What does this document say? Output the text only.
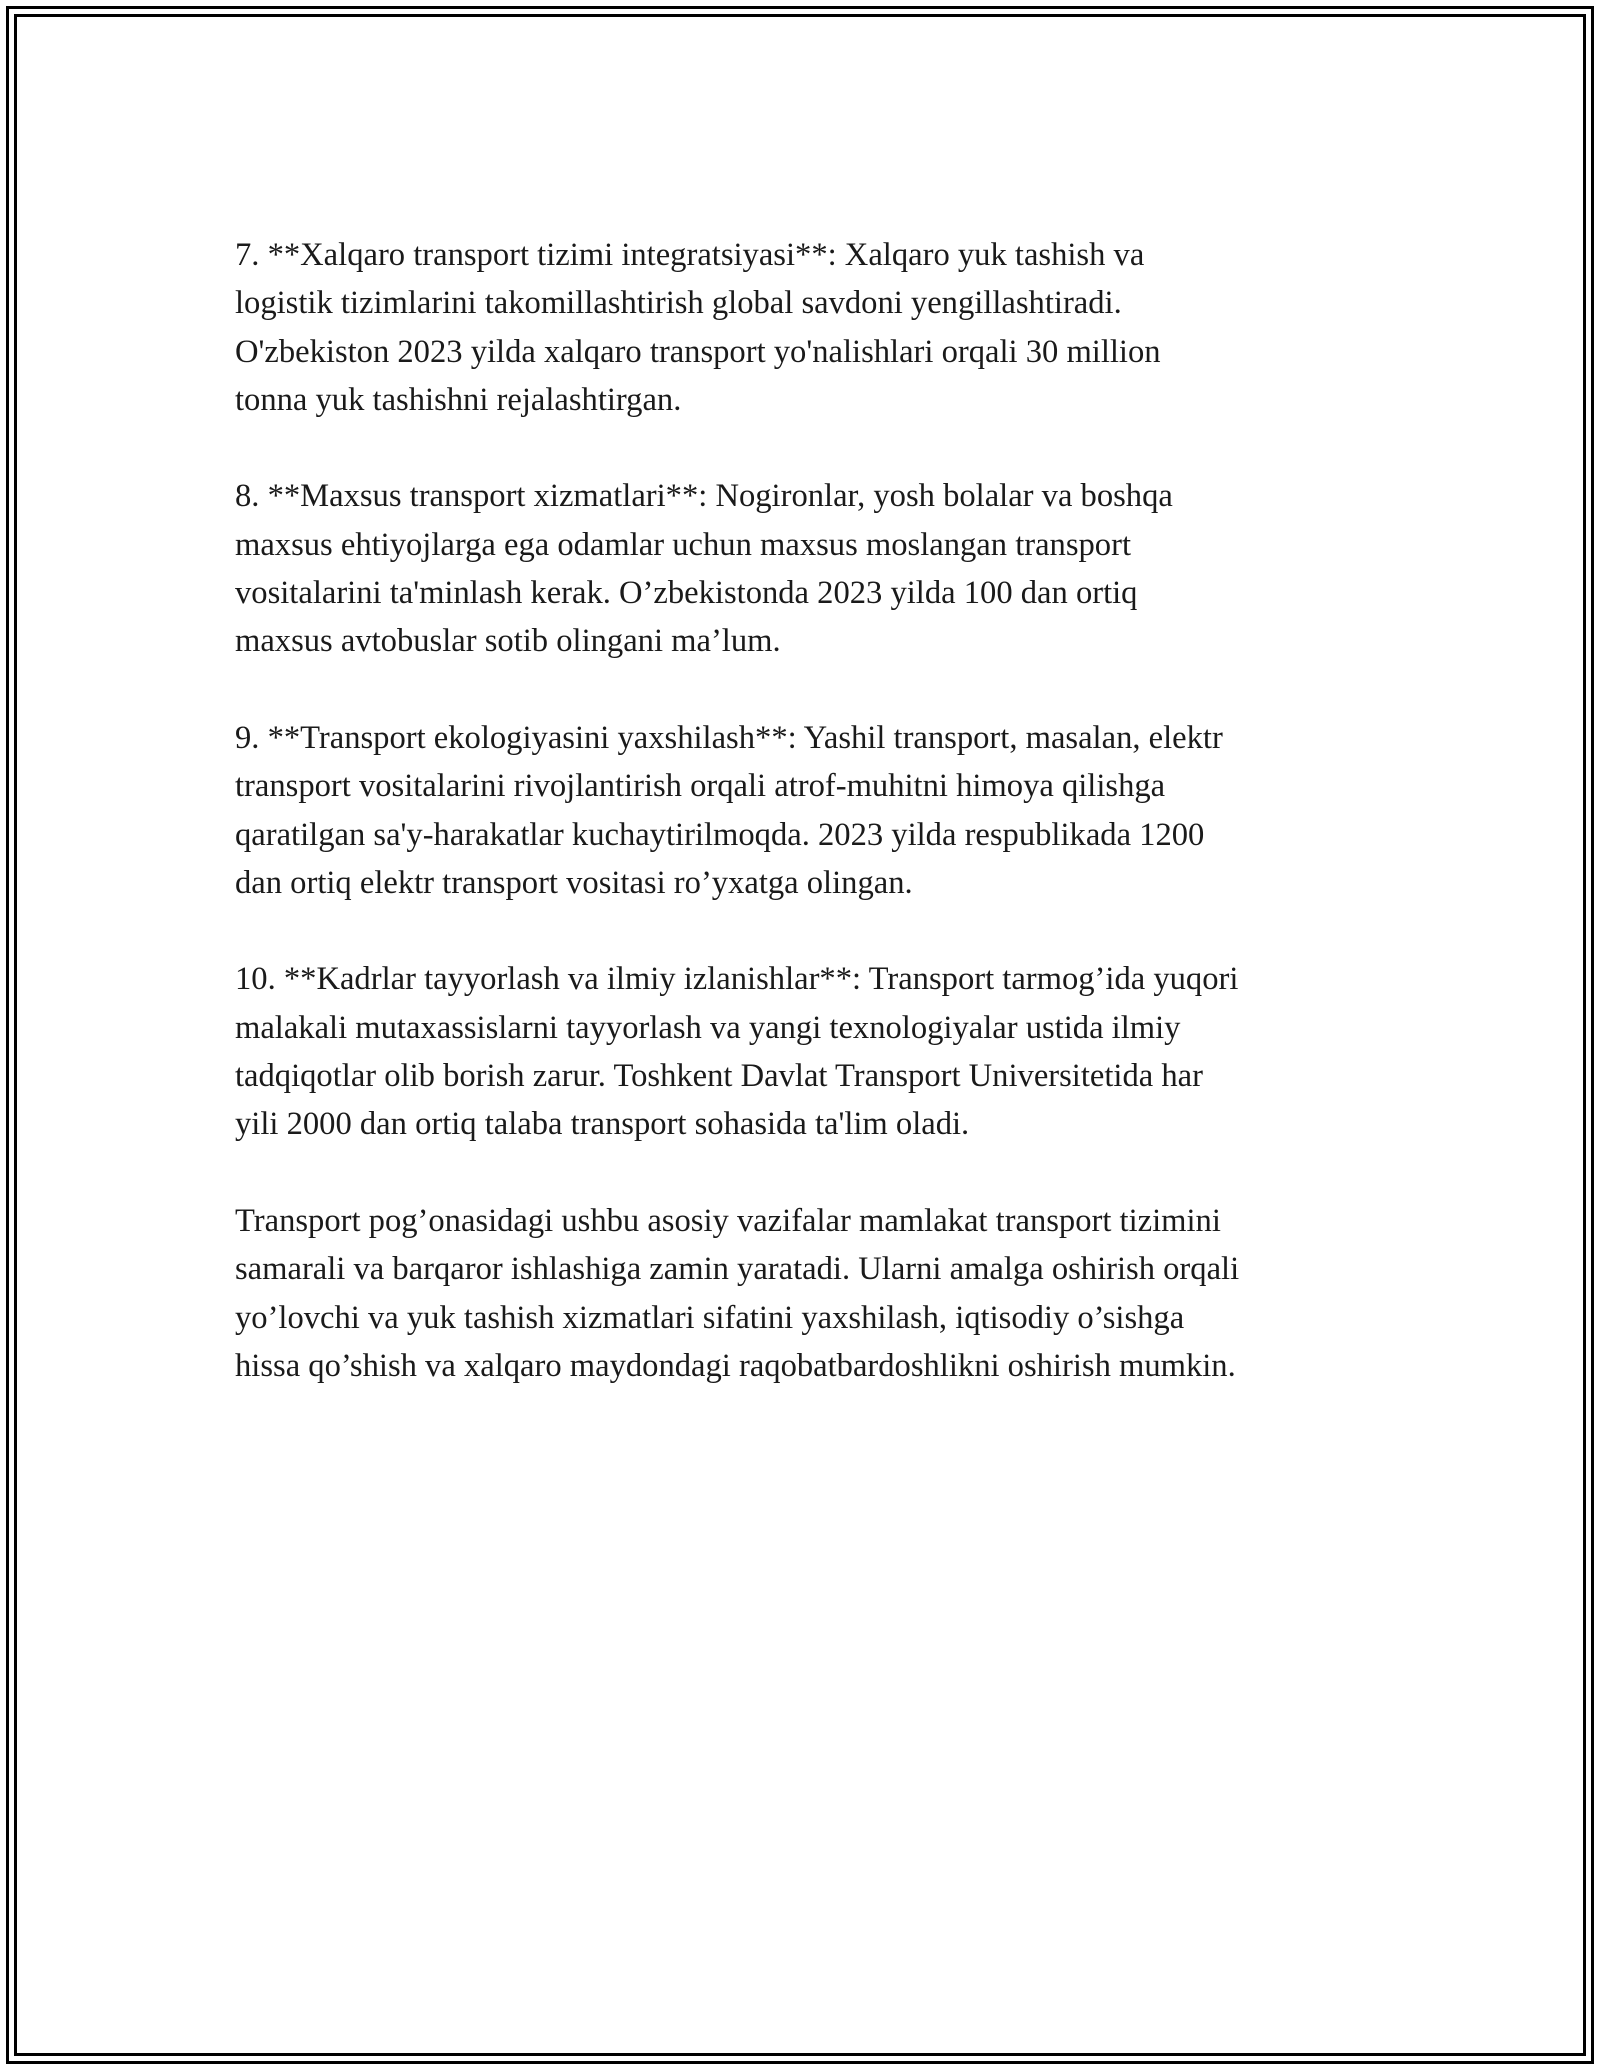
7. **Xalqaro transport tizimi integratsiyasi**: Xalqaro yuk tashish va
logistik tizimlarini takomillashtirish global savdoni yengillashtiradi.
O'zbekiston 2023 yilda xalqaro transport yo'nalishlari orqali 30 million
tonna yuk tashishni rejalashtirgan.

8. **Maxsus transport xizmatlari**: Nogironlar, yosh bolalar va boshqa
maxsus ehtiyojlarga ega odamlar uchun maxsus moslangan transport
vositalarini ta'minlash kerak. O’zbekistonda 2023 yilda 100 dan ortiq
maxsus avtobuslar sotib olingani ma’lum.

9. **Transport ekologiyasini yaxshilash**: Yashil transport, masalan, elektr
transport vositalarini rivojlantirish orqali atrof-muhitni himoya qilishga
qaratilgan sa'y-harakatlar kuchaytirilmoqda. 2023 yilda respublikada 1200
dan ortiq elektr transport vositasi ro’yxatga olingan.

10. **Kadrlar tayyorlash va ilmiy izlanishlar**: Transport tarmog’ida yuqori
malakali mutaxassislarni tayyorlash va yangi texnologiyalar ustida ilmiy
tadqiqotlar olib borish zarur. Toshkent Davlat Transport Universitetida har
yili 2000 dan ortiq talaba transport sohasida ta'lim oladi.

Transport pog’onasidagi ushbu asosiy vazifalar mamlakat transport tizimini
samarali va barqaror ishlashiga zamin yaratadi. Ularni amalga oshirish orqali
yo’lovchi va yuk tashish xizmatlari sifatini yaxshilash, iqtisodiy o’sishga
hissa qo’shish va xalqaro maydondagi raqobatbardoshlikni oshirish mumkin.
